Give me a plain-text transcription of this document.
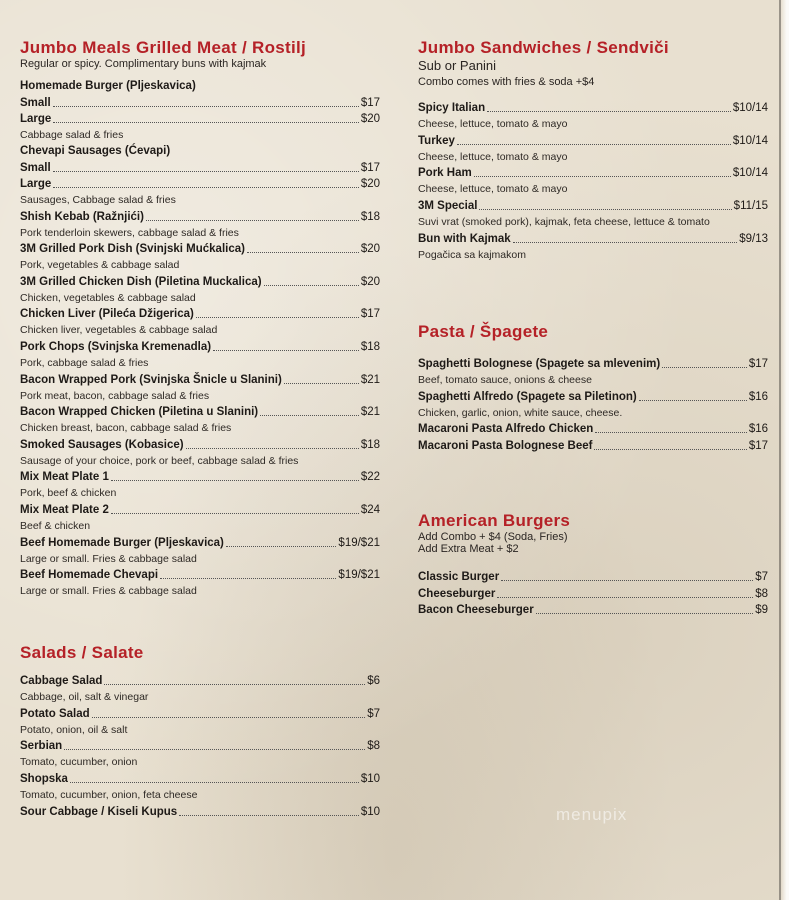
Jumbo Meals Grilled Meat / Rostilj
Regular or spicy. Complimentary buns with kajmak
Homemade Burger (Pljeskavica)
Small	$17
Large	$20
Cabbage salad & fries
Chevapi Sausages (Ćevapi)
Small	$17
Large	$20
Sausages, Cabbage salad & fries
Shish Kebab (Ražnjići)	$18
Pork tenderloin skewers, cabbage salad & fries
3M Grilled Pork Dish (Svinjski Mućkalica)	$20
Pork, vegetables & cabbage salad
3M Grilled Chicken Dish (Piletina Muckalica)	$20
Chicken, vegetables & cabbage salad
Chicken Liver (Pileća Džigerica)	$17
Chicken liver, vegetables & cabbage salad
Pork Chops (Svinjska Kremenadla)	$18
Pork, cabbage salad & fries
Bacon Wrapped Pork (Svinjska Šnicle u Slanini)	$21
Pork meat, bacon, cabbage salad & fries
Bacon Wrapped Chicken (Piletina u Slanini)	$21
Chicken breast, bacon, cabbage salad & fries
Smoked Sausages (Kobasice)	$18
Sausage of your choice, pork or beef, cabbage salad & fries
Mix Meat Plate 1	$22
Pork, beef & chicken
Mix Meat Plate 2	$24
Beef & chicken
Beef Homemade Burger (Pljeskavica)	$19/$21
Large or small. Fries & cabbage salad
Beef Homemade Chevapi	$19/$21
Large or small. Fries & cabbage salad
Salads / Salate
Cabbage Salad	$6
Cabbage, oil, salt & vinegar
Potato Salad	$7
Potato, onion, oil & salt
Serbian	$8
Tomato, cucumber, onion
Shopska	$10
Tomato, cucumber, onion, feta cheese
Sour Cabbage / Kiseli Kupus	$10
Jumbo Sandwiches / Sendviči
Sub or Panini
Combo comes with fries & soda +$4
Spicy Italian	$10/14
Cheese, lettuce, tomato & mayo
Turkey	$10/14
Cheese, lettuce, tomato & mayo
Pork Ham	$10/14
Cheese, lettuce, tomato & mayo
3M Special	$11/15
Suvi vrat (smoked pork), kajmak, feta cheese, lettuce & tomato
Bun with Kajmak	$9/13
Pogačica sa kajmakom
Pasta / Špagete
Spaghetti Bolognese (Spagete sa mlevenim)	$17
Beef, tomato sauce, onions & cheese
Spaghetti Alfredo (Spagete sa Piletinon)	$16
Chicken, garlic, onion, white sauce, cheese.
Macaroni Pasta Alfredo Chicken	$16
Macaroni Pasta Bolognese Beef	$17
American Burgers
Add Combo + $4 (Soda, Fries)
Add Extra Meat + $2
Classic Burger	$7
Cheeseburger	$8
Bacon Cheeseburger	$9
menupix
